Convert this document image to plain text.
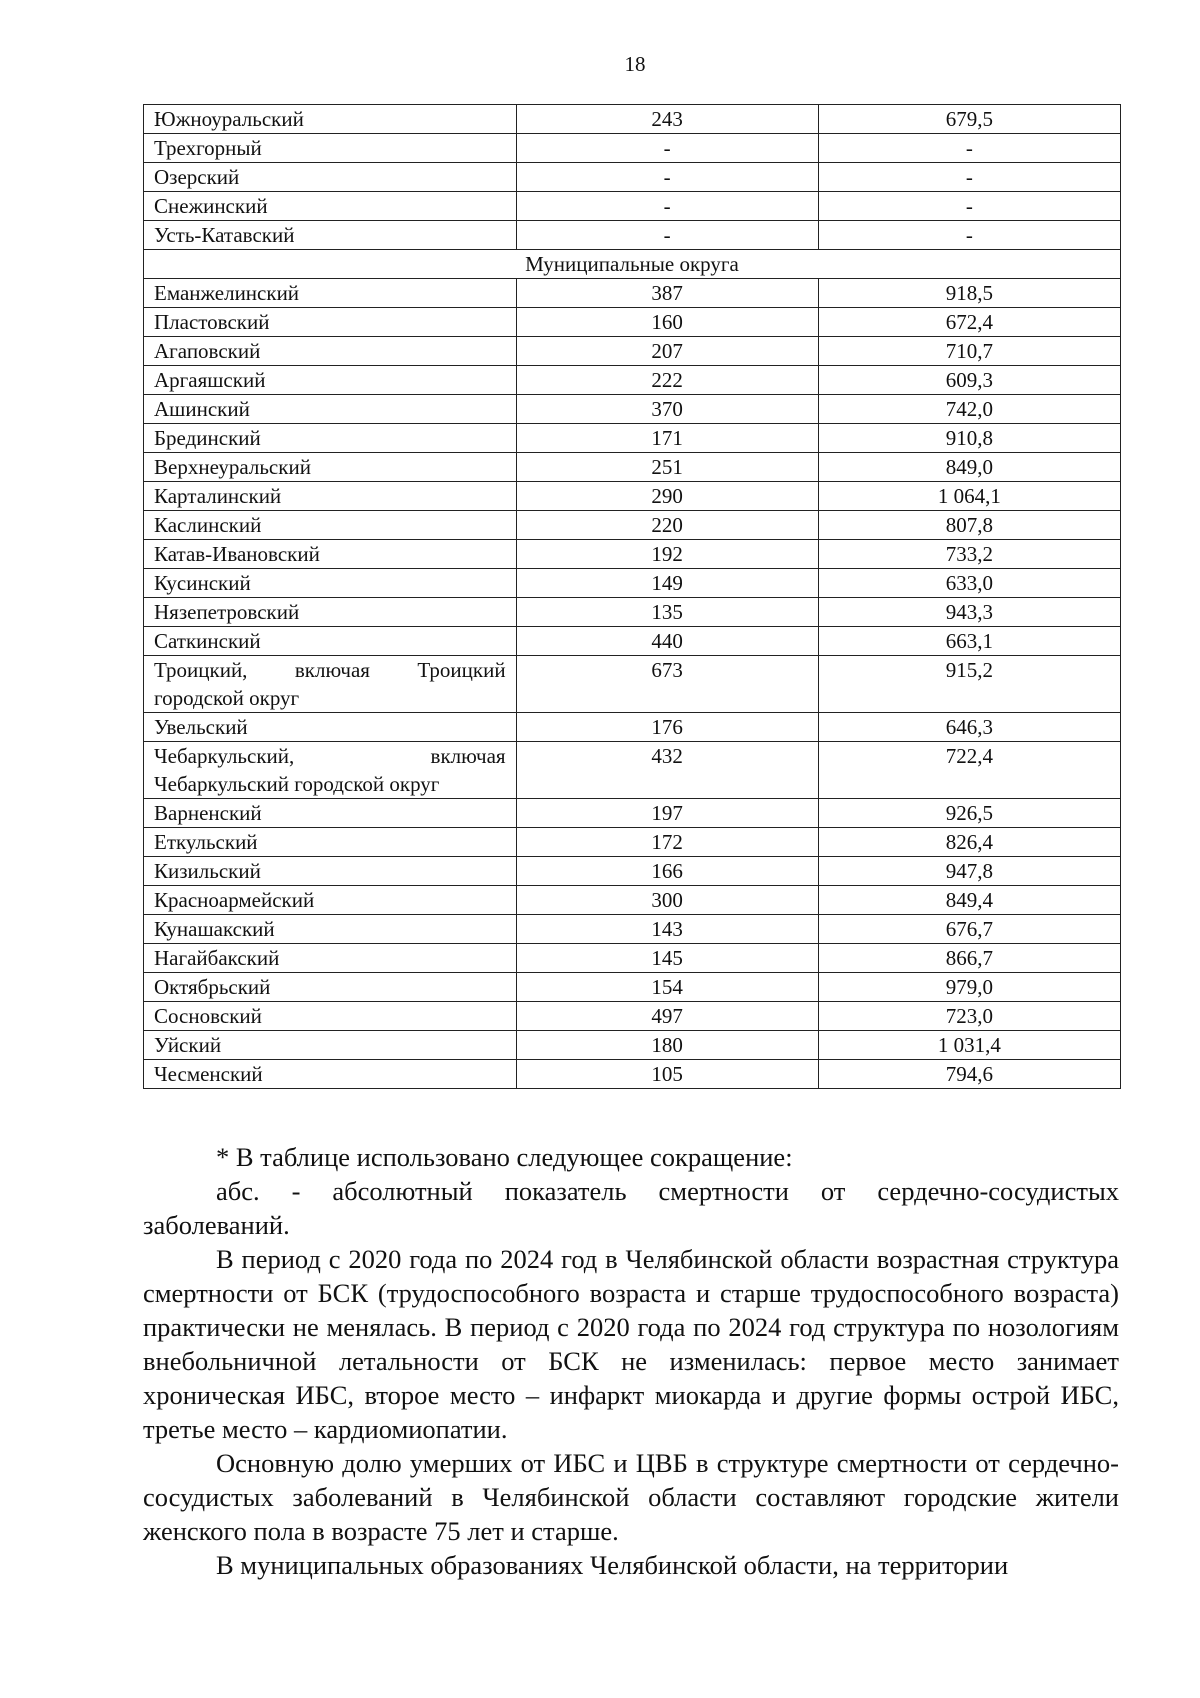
18
Южноуральский	243	679,5
Трехгорный	-	-
Озерский	-	-
Снежинский	-	-
Усть-Катавский	-	-
Муниципальные округа		
Еманжелинский	387	918,5
Пластовский	160	672,4
Агаповский	207	710,7
Аргаяшский	222	609,3
Ашинский	370	742,0
Брединский	171	910,8
Верхнеуральский	251	849,0
Карталинский	290	1 064,1
Каслинский	220	807,8
Катав-Ивановский	192	733,2
Кусинский	149	633,0
Нязепетровский	135	943,3
Саткинский	440	663,1
Троицкий, включая Троицкий городской округ	673	915,2
Увельский	176	646,3
Чебаркульский, включая Чебаркульский городской округ	432	722,4
Варненский	197	926,5
Еткульский	172	826,4
Кизильский	166	947,8
Красноармейский	300	849,4
Кунашакский	143	676,7
Нагайбакский	145	866,7
Октябрьский	154	979,0
Сосновский	497	723,0
Уйский	180	1 031,4
Чесменский	105	794,6

* В таблице использовано следующее сокращение:

абс. - абсолютный показатель смертности от сердечно-сосудистых заболеваний.

В период с 2020 года по 2024 год в Челябинской области возрастная структура смертности от БСК (трудоспособного возраста и старше трудоспособного возраста) практически не менялась. В период с 2020 года по 2024 год структура по нозологиям внебольничной летальности от БСК не изменилась: первое место занимает хроническая ИБС, второе место – инфаркт миокарда и другие формы острой ИБС, третье место – кардиомиопатии.

Основную долю умерших от ИБС и ЦВБ в структуре смертности от сердечно-сосудистых заболеваний в Челябинской области составляют городские жители женского пола в возрасте 75 лет и старше.

В муниципальных образованиях Челябинской области, на территории
